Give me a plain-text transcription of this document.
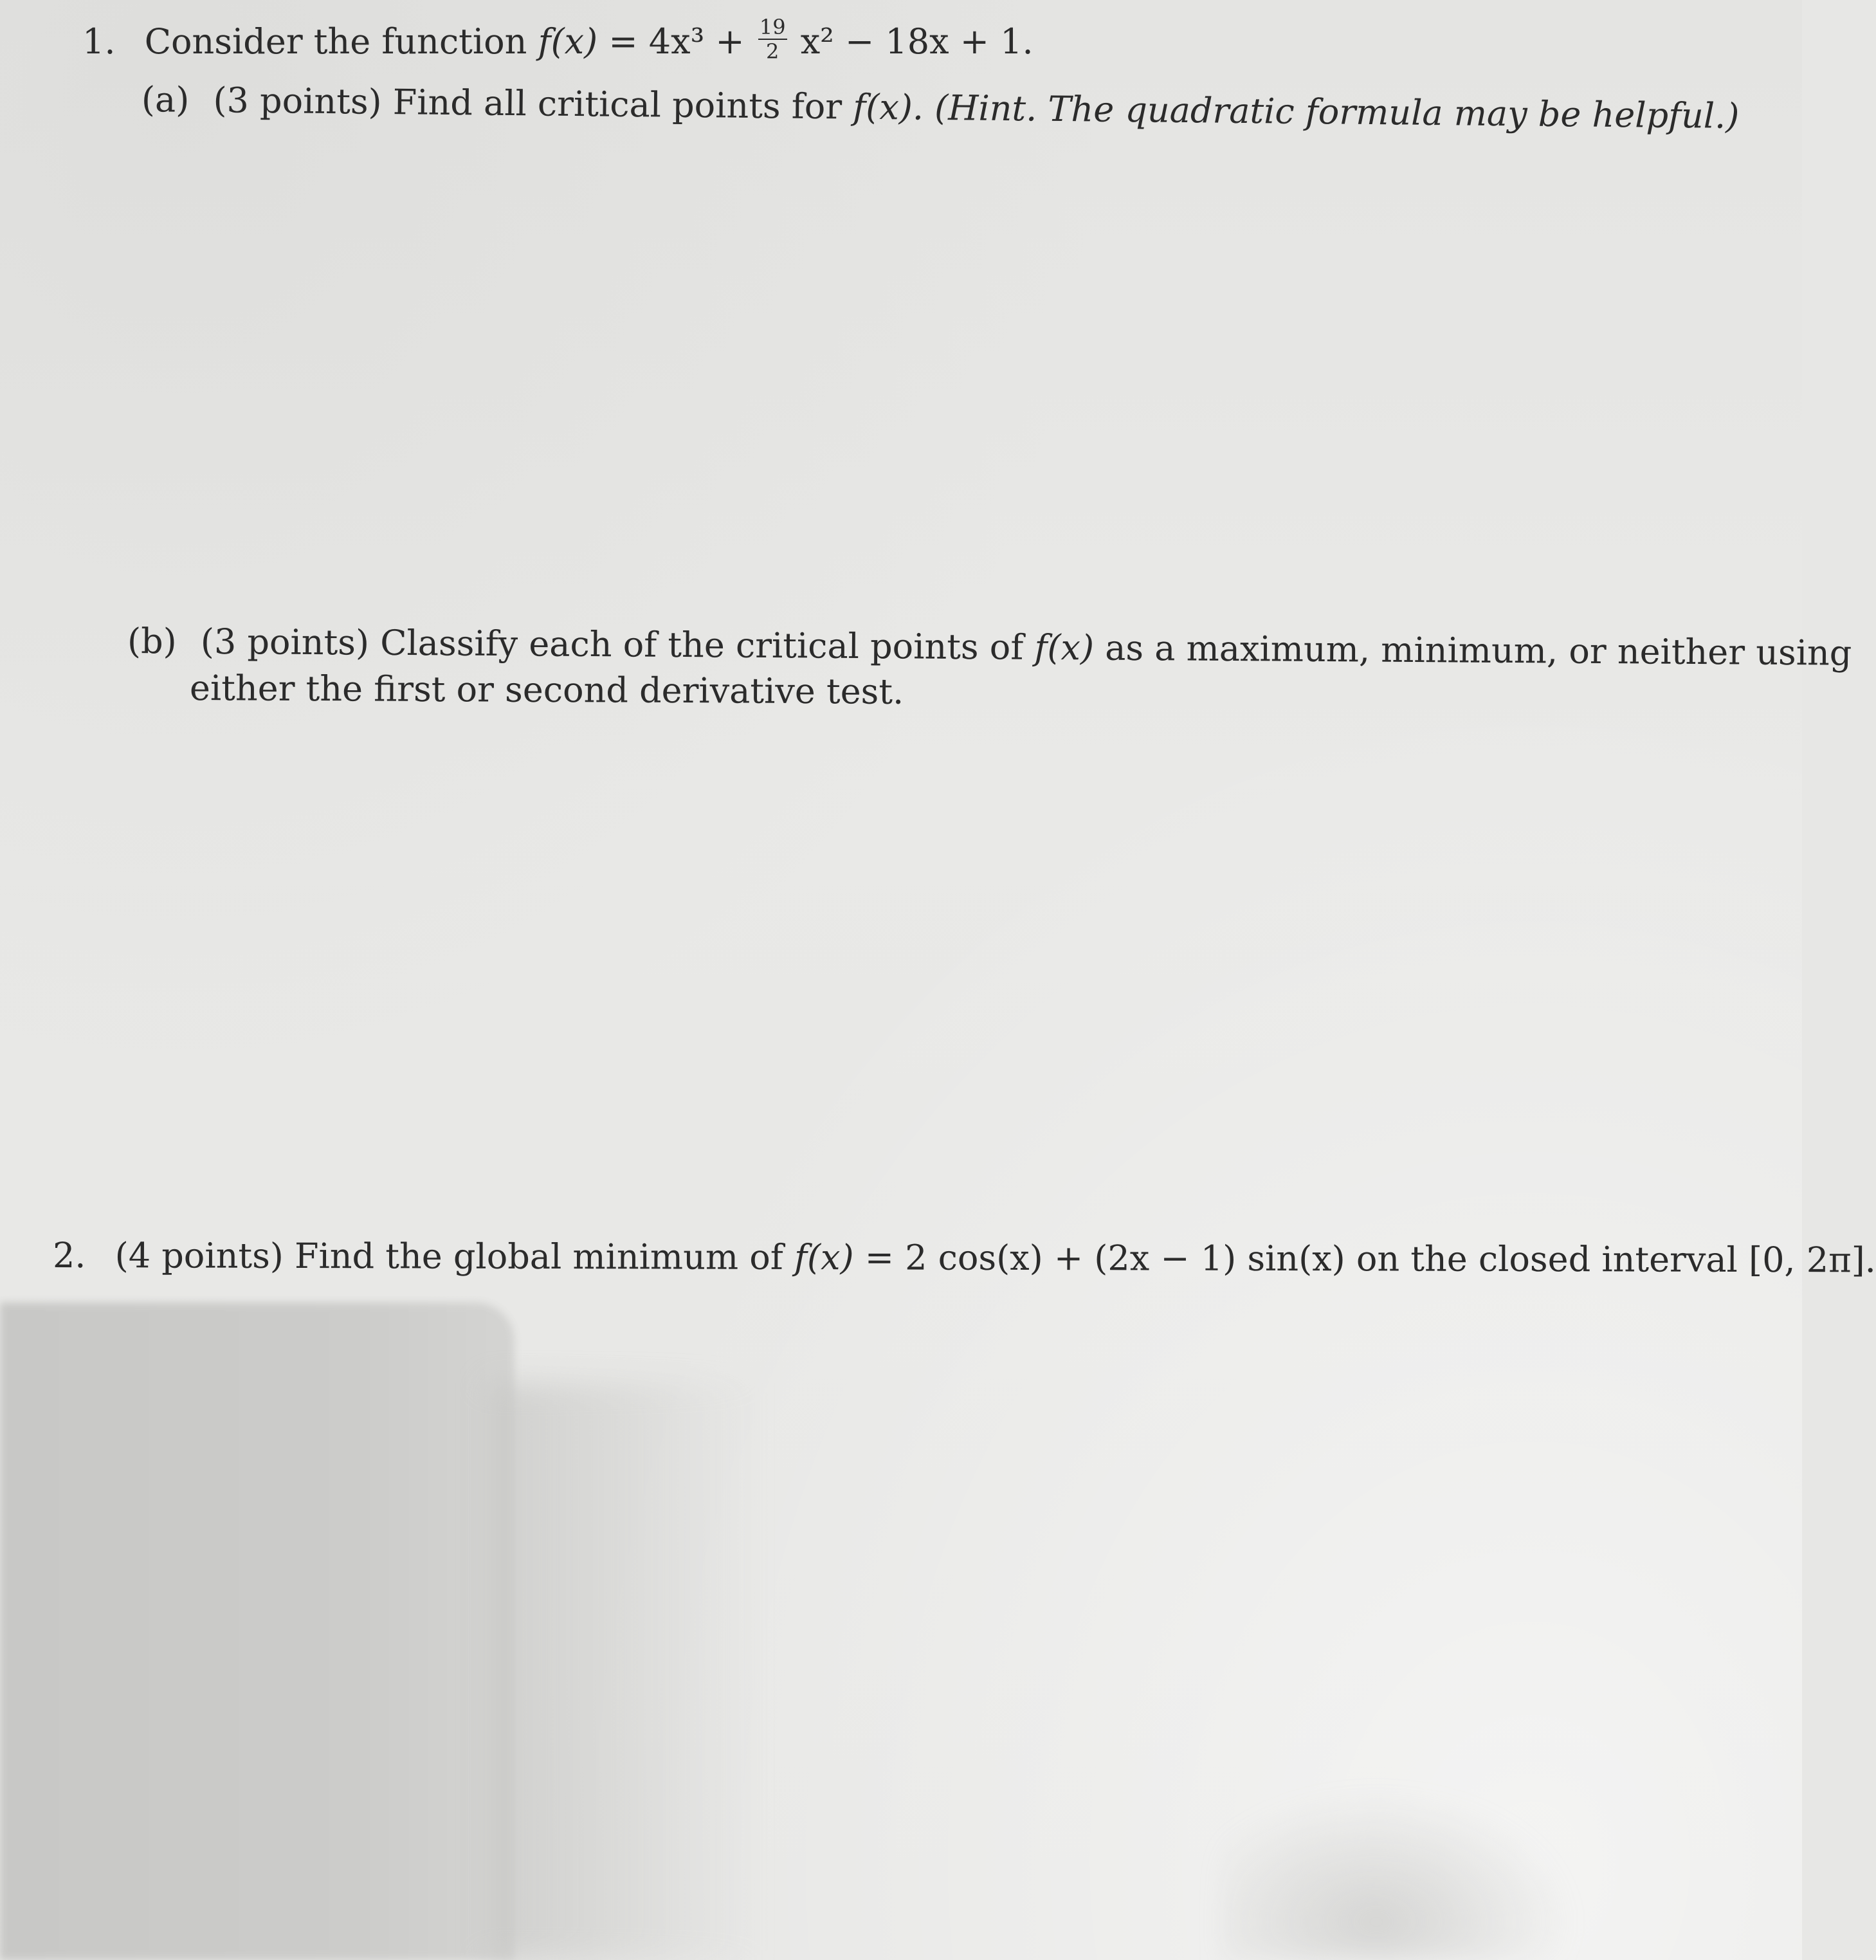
1. Consider the function $f(x) = 4x^3 + \frac{19}{2} x^2 - 18x + 1$.
(a) (3 points) Find all critical points for f(x). (Hint. The quadratic formula may be helpful.)
(b) (3 points) Classify each of the critical points of f(x) as a maximum, minimum, or neither using
either the first or second derivative test.
2. (4 points) Find the global minimum of f(x) = 2 cos(x) + (2x − 1) sin(x) on the closed interval [0, 2π].
